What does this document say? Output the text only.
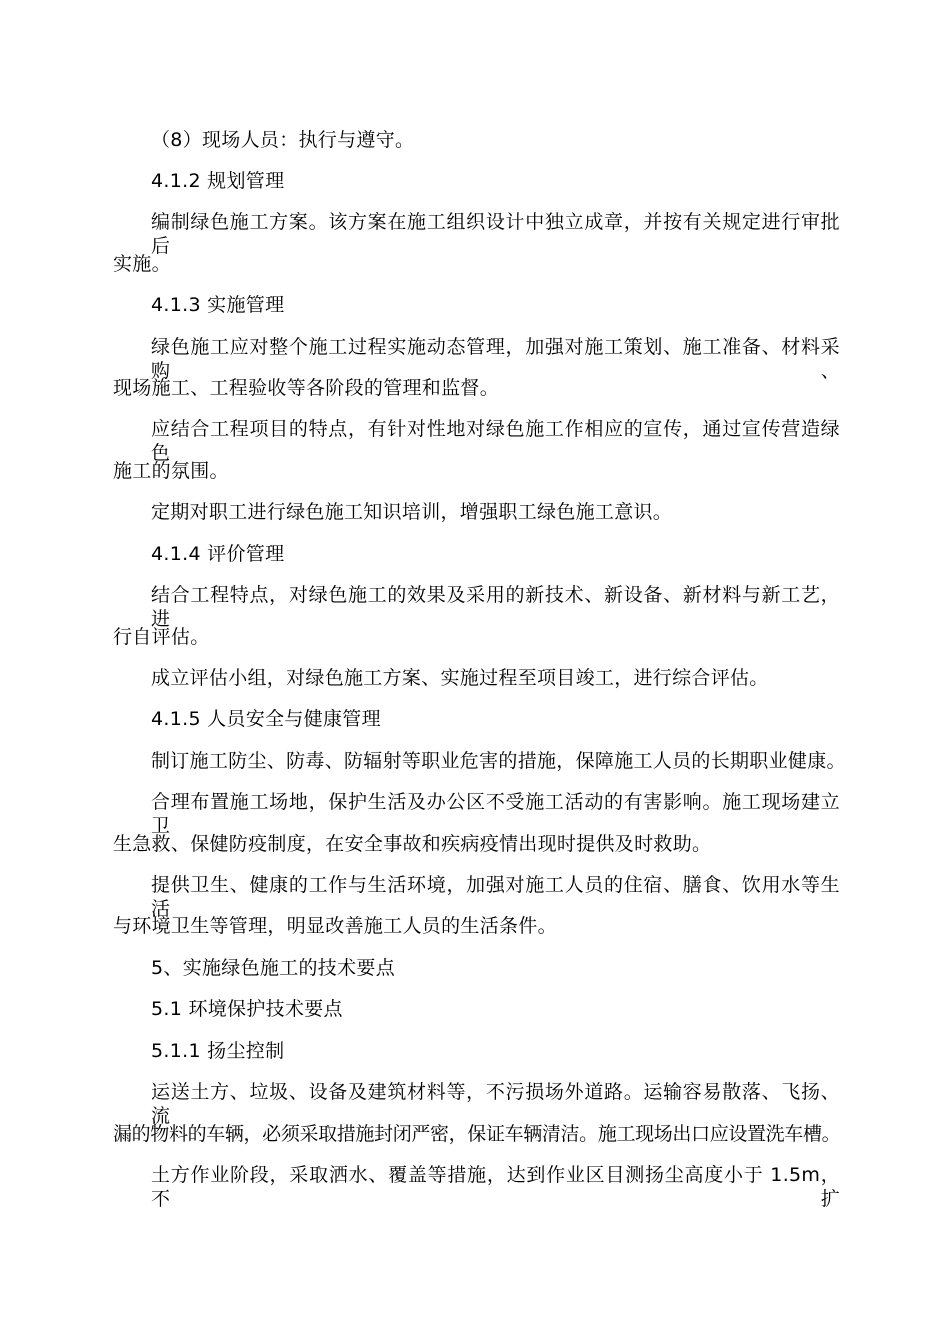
（8）现场人员：执行与遵守。
4.1.2 规划管理
编制绿色施工方案。该方案在施工组织设计中独立成章，并按有关规定进行审批后
实施。
4.1.3 实施管理
绿色施工应对整个施工过程实施动态管理，加强对施工策划、施工准备、材料采购、
现场施工、工程验收等各阶段的管理和监督。
应结合工程项目的特点，有针对性地对绿色施工作相应的宣传，通过宣传营造绿色
施工的氛围。
定期对职工进行绿色施工知识培训，增强职工绿色施工意识。
4.1.4 评价管理
结合工程特点，对绿色施工的效果及采用的新技术、新设备、新材料与新工艺，进
行自评估。
成立评估小组，对绿色施工方案、实施过程至项目竣工，进行综合评估。
4.1.5 人员安全与健康管理
制订施工防尘、防毒、防辐射等职业危害的措施，保障施工人员的长期职业健康。
合理布置施工场地，保护生活及办公区不受施工活动的有害影响。施工现场建立卫
生急救、保健防疫制度，在安全事故和疾病疫情出现时提供及时救助。
提供卫生、健康的工作与生活环境，加强对施工人员的住宿、膳食、饮用水等生活
与环境卫生等管理，明显改善施工人员的生活条件。
5、实施绿色施工的技术要点
5.1 环境保护技术要点
5.1.1 扬尘控制
运送土方、垃圾、设备及建筑材料等，不污损场外道路。运输容易散落、飞扬、流
漏的物料的车辆，必须采取措施封闭严密，保证车辆清洁。施工现场出口应设置洗车槽。
土方作业阶段，采取洒水、覆盖等措施，达到作业区目测扬尘高度小于 1.5m，不扩
